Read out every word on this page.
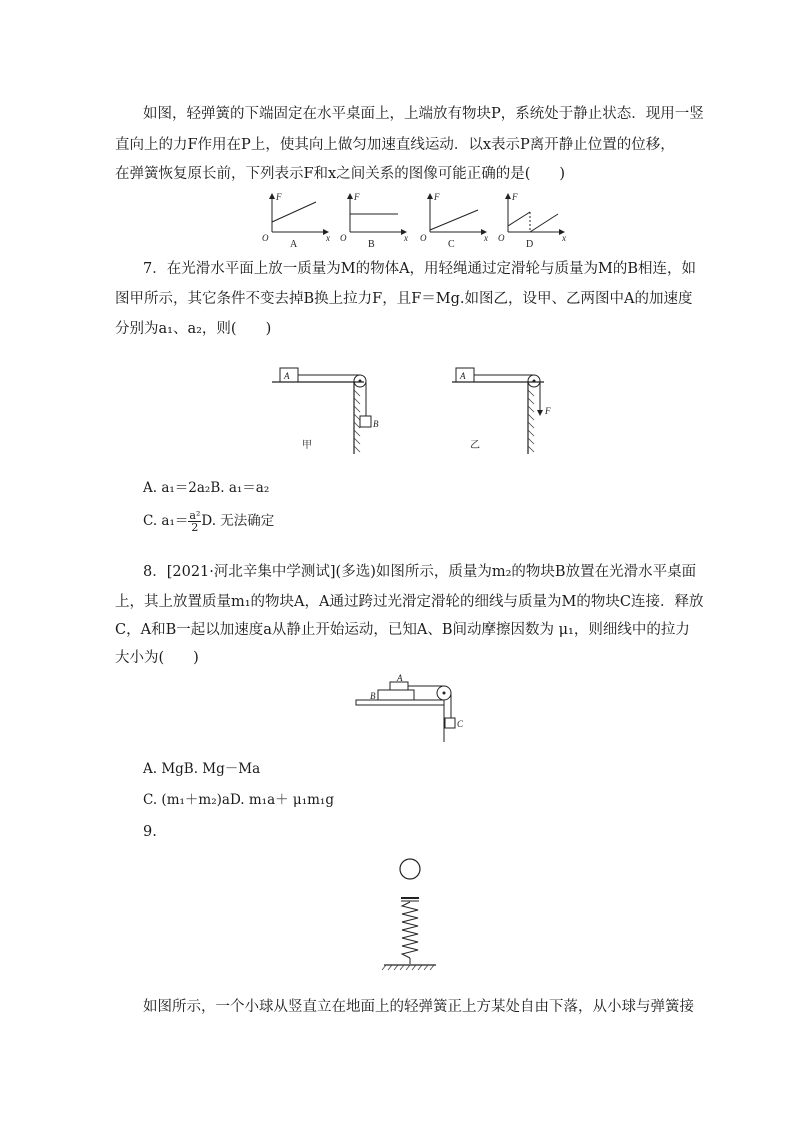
如图，轻弹簧的下端固定在水平桌面上，上端放有物块P，系统处于静止状态．现用一竖
直向上的力F作用在P上，使其向上做匀加速直线运动．以x表示P离开静止位置的位移，
在弹簧恢复原长前，下列表示F和x之间关系的图像可能正确的是(　　)
F
x
O
A
F
x
O
B
F
x
O
C
F
x
O
D
7．在光滑水平面上放一质量为M的物体A，用轻绳通过定滑轮与质量为M的B相连，如
图甲所示，其它条件不变去掉B换上拉力F，且F＝Mg.如图乙，设甲、乙两图中A的加速度
分别为a₁、a₂，则(　　)
A
B
甲
A
F
乙
A. a₁＝2a₂B. a₁＝a₂
C. $a_1= \frac{\text{a²}}{2} D$. 无法确定
8．[2021·河北辛集中学测试](多选)如图所示，质量为m₂的物块B放置在光滑水平桌面
上，其上放置质量m₁的物块A，A通过跨过光滑定滑轮的细线与质量为M的物块C连接．释放
C，A和B一起以加速度a从静止开始运动，已知A、B间动摩擦因数为 μ₁，则细线中的拉力
大小为(　　)
B
A
C
A. MgB. Mg－Ma
C. (m₁＋m₂)aD. m₁a＋ μ₁m₁g
9.
如图所示，一个小球从竖直立在地面上的轻弹簧正上方某处自由下落，从小球与弹簧接
